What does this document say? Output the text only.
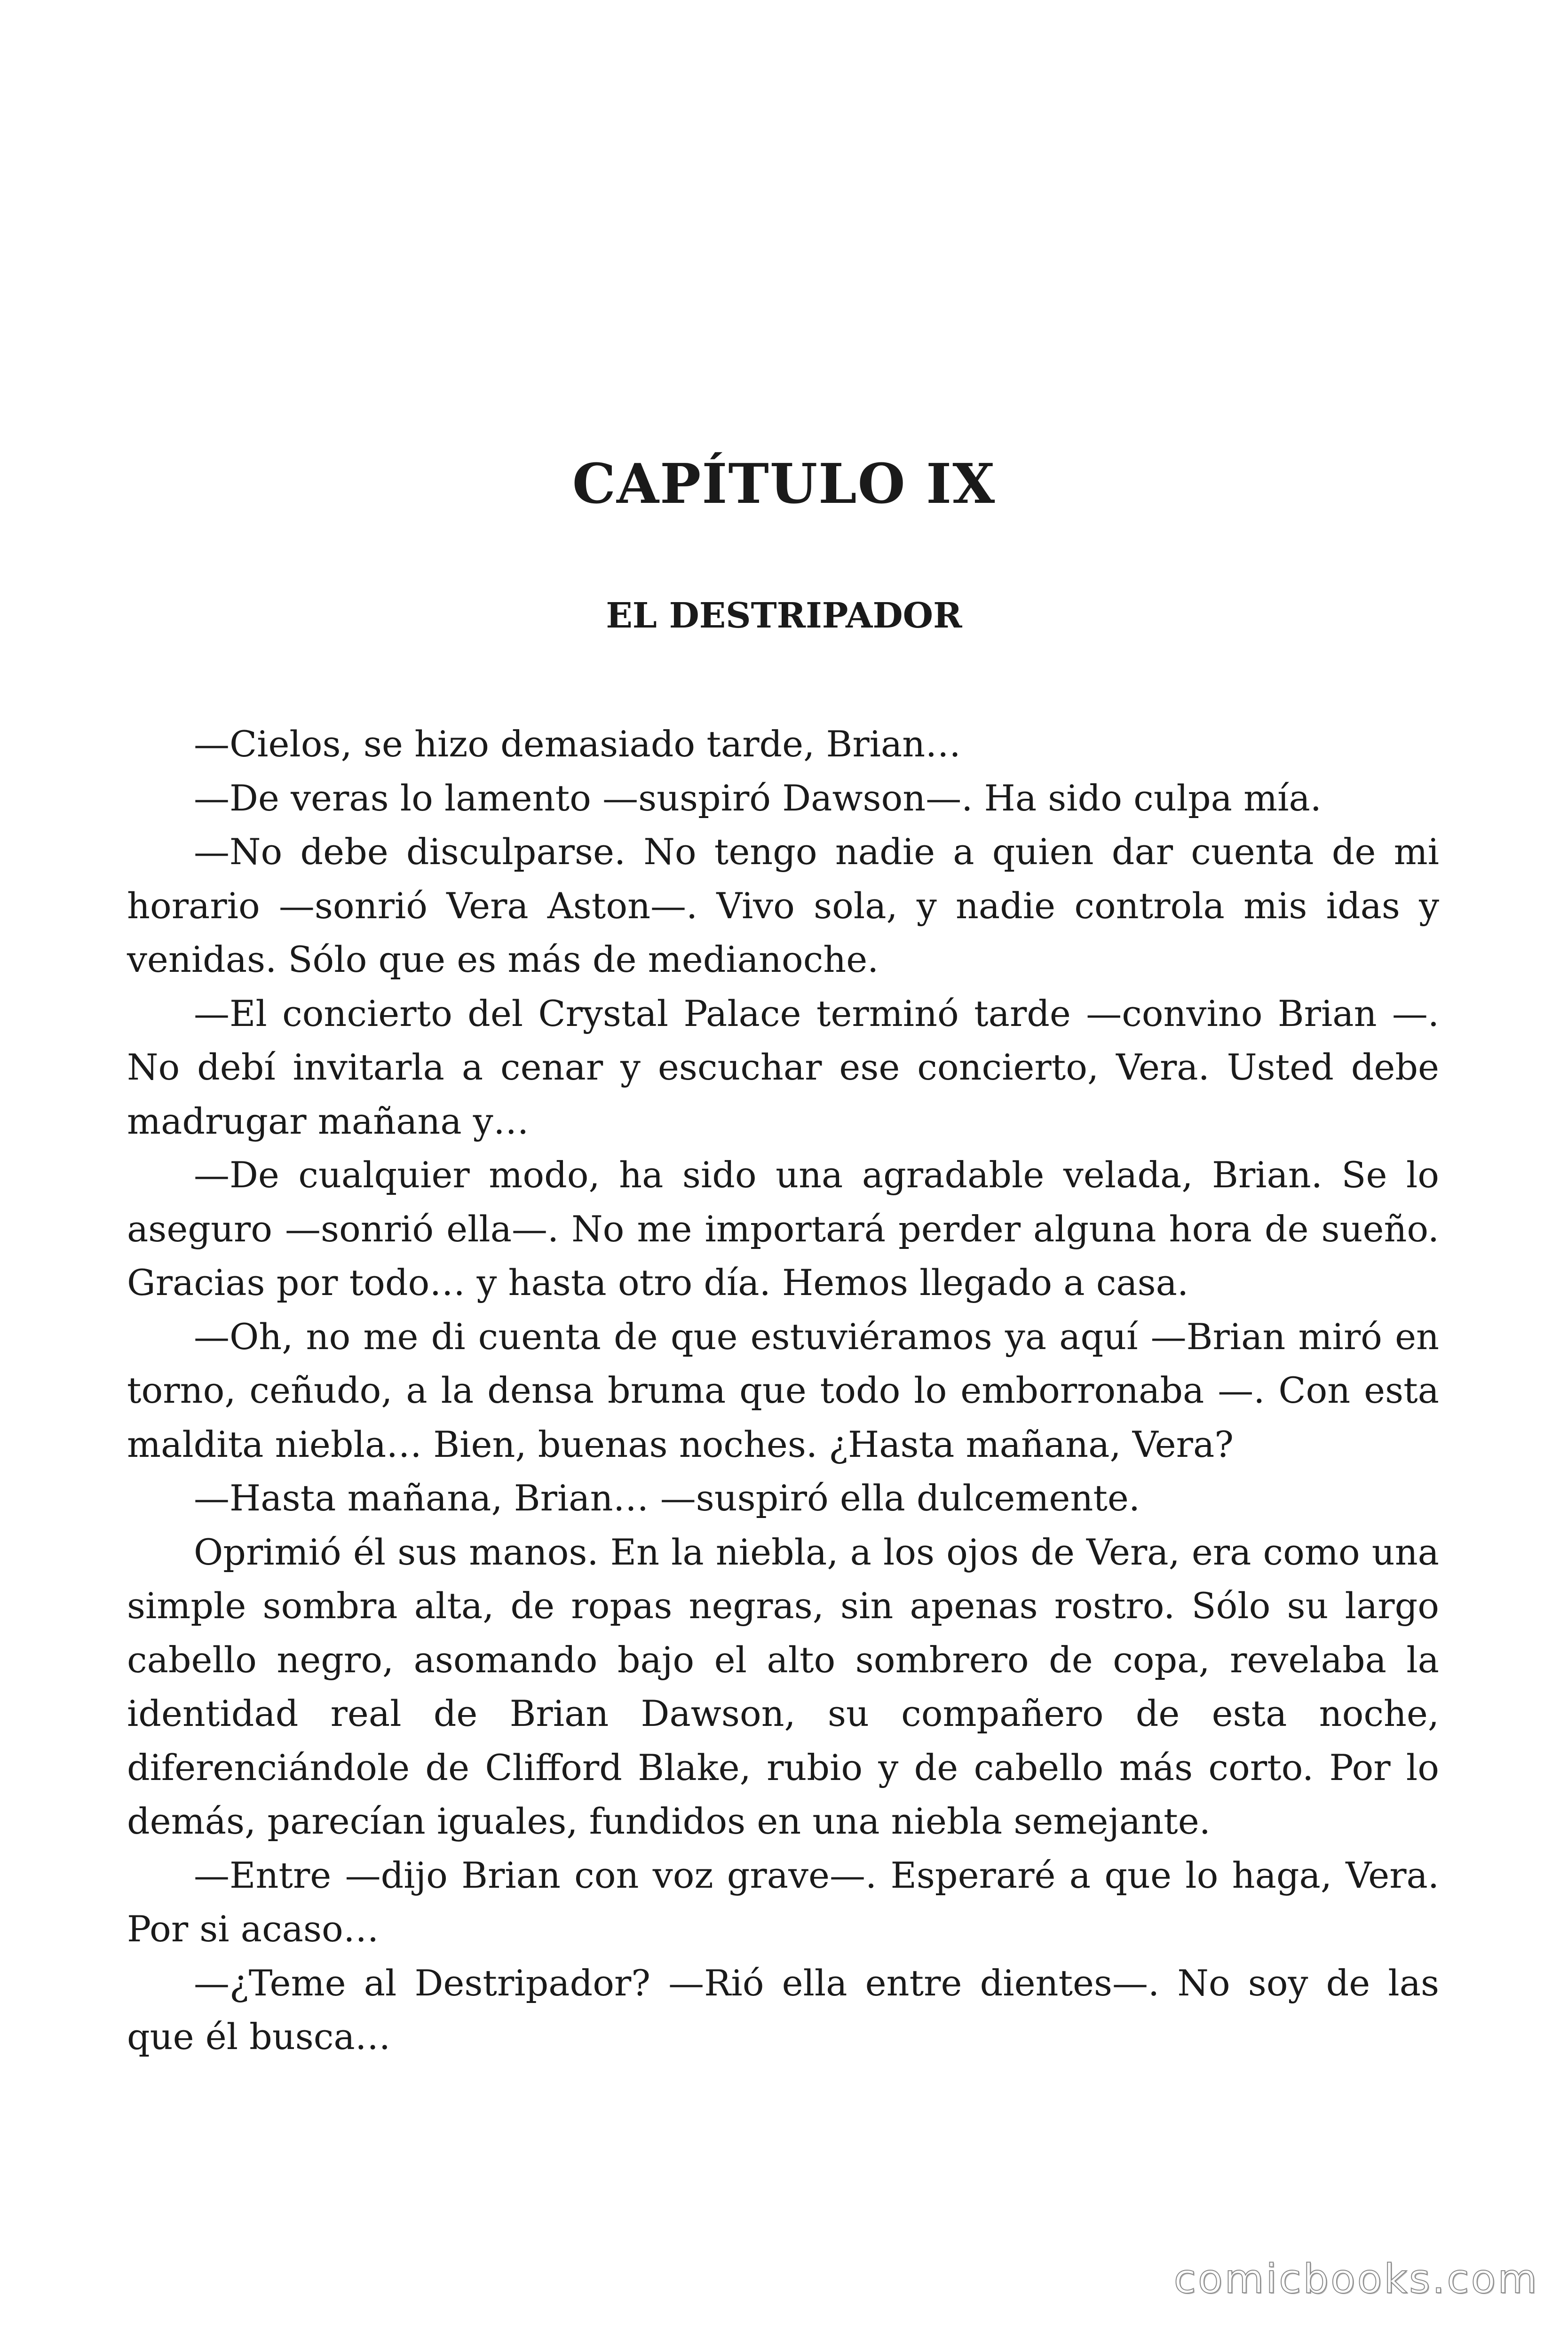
CAPÍTULO IX
EL DESTRIPADOR

—Cielos, se hizo demasiado tarde, Brian…

—De veras lo lamento —suspiró Dawson—. Ha sido culpa mía.

—No debe disculparse. No tengo nadie a quien dar cuenta de mi horario —sonrió Vera Aston—. Vivo sola, y nadie controla mis idas y venidas. Sólo que es más de medianoche.

—El concierto del Crystal Palace terminó tarde —convino Brian —. No debí invitarla a cenar y escuchar ese concierto, Vera. Usted debe madrugar mañana y…

—De cualquier modo, ha sido una agradable velada, Brian. Se lo aseguro —sonrió ella—. No me importará perder alguna hora de sueño. Gracias por todo… y hasta otro día. Hemos llegado a casa.

—Oh, no me di cuenta de que estuviéramos ya aquí —Brian miró en torno, ceñudo, a la densa bruma que todo lo emborronaba —. Con esta maldita niebla… Bien, buenas noches. ¿Hasta mañana, Vera?

—Hasta mañana, Brian… —suspiró ella dulcemente.

Oprimió él sus manos. En la niebla, a los ojos de Vera, era como una simple sombra alta, de ropas negras, sin apenas rostro. Sólo su largo cabello negro, asomando bajo el alto sombrero de copa, revelaba la identidad real de Brian Dawson, su compañero de esta noche, diferenciándole de Clifford Blake, rubio y de cabello más corto. Por lo demás, parecían iguales, fundidos en una niebla semejante.

—Entre —dijo Brian con voz grave—. Esperaré a que lo haga, Vera. Por si acaso…

—¿Teme al Destripador? —Rió ella entre dientes—. No soy de las que él busca…

comicbooks.com
